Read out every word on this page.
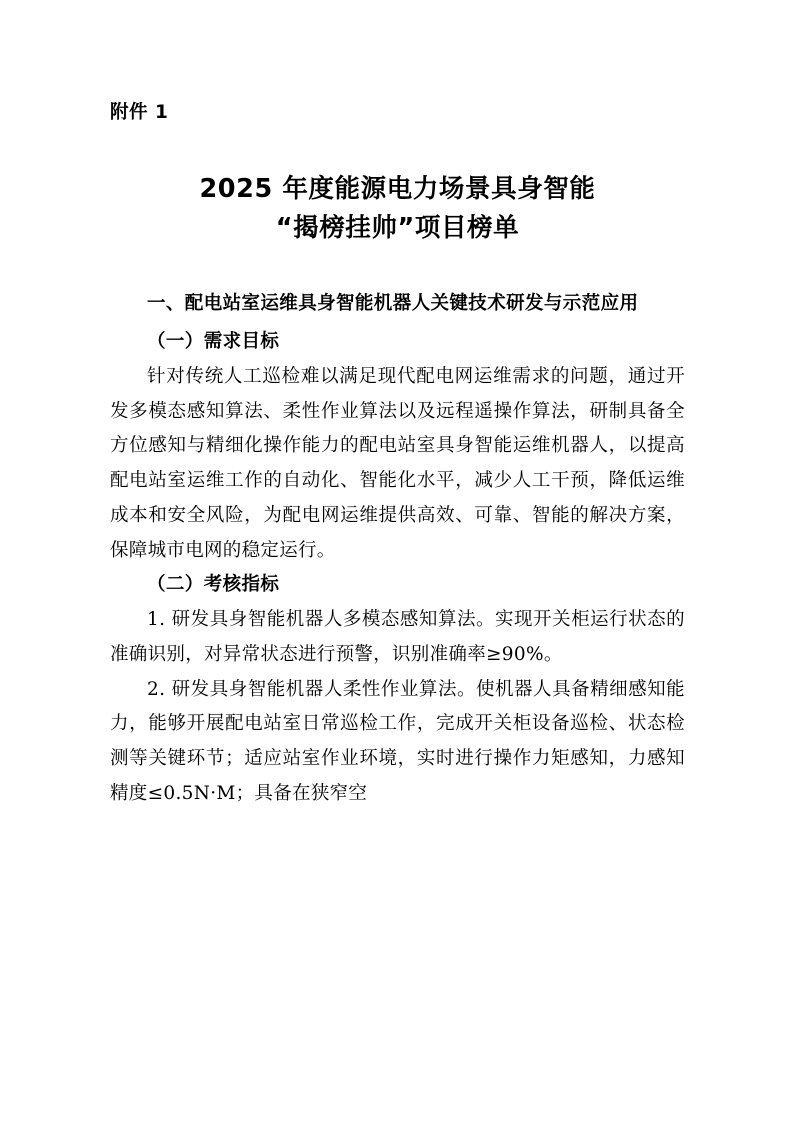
附件 1
2025 年度能源电力场景具身智能
“揭榜挂帅”项目榜单
一、配电站室运维具身智能机器人关键技术研发与示范应用
（一）需求目标

针对传统人工巡检难以满足现代配电网运维需求的问题，通过开发多模态感知算法、柔性作业算法以及远程遥操作算法，研制具备全方位感知与精细化操作能力的配电站室具身智能运维机器人，以提高配电站室运维工作的自动化、智能化水平，减少人工干预，降低运维成本和安全风险，为配电网运维提供高效、可靠、智能的解决方案，保障城市电网的稳定运行。

（二）考核指标

1. 研发具身智能机器人多模态感知算法。实现开关柜运行状态的准确识别，对异常状态进行预警，识别准确率≥90%。

2. 研发具身智能机器人柔性作业算法。使机器人具备精细感知能力，能够开展配电站室日常巡检工作，完成开关柜设备巡检、状态检测等关键环节；适应站室作业环境，实时进行操作力矩感知，力感知精度≤0.5N·M；具备在狭窄空
